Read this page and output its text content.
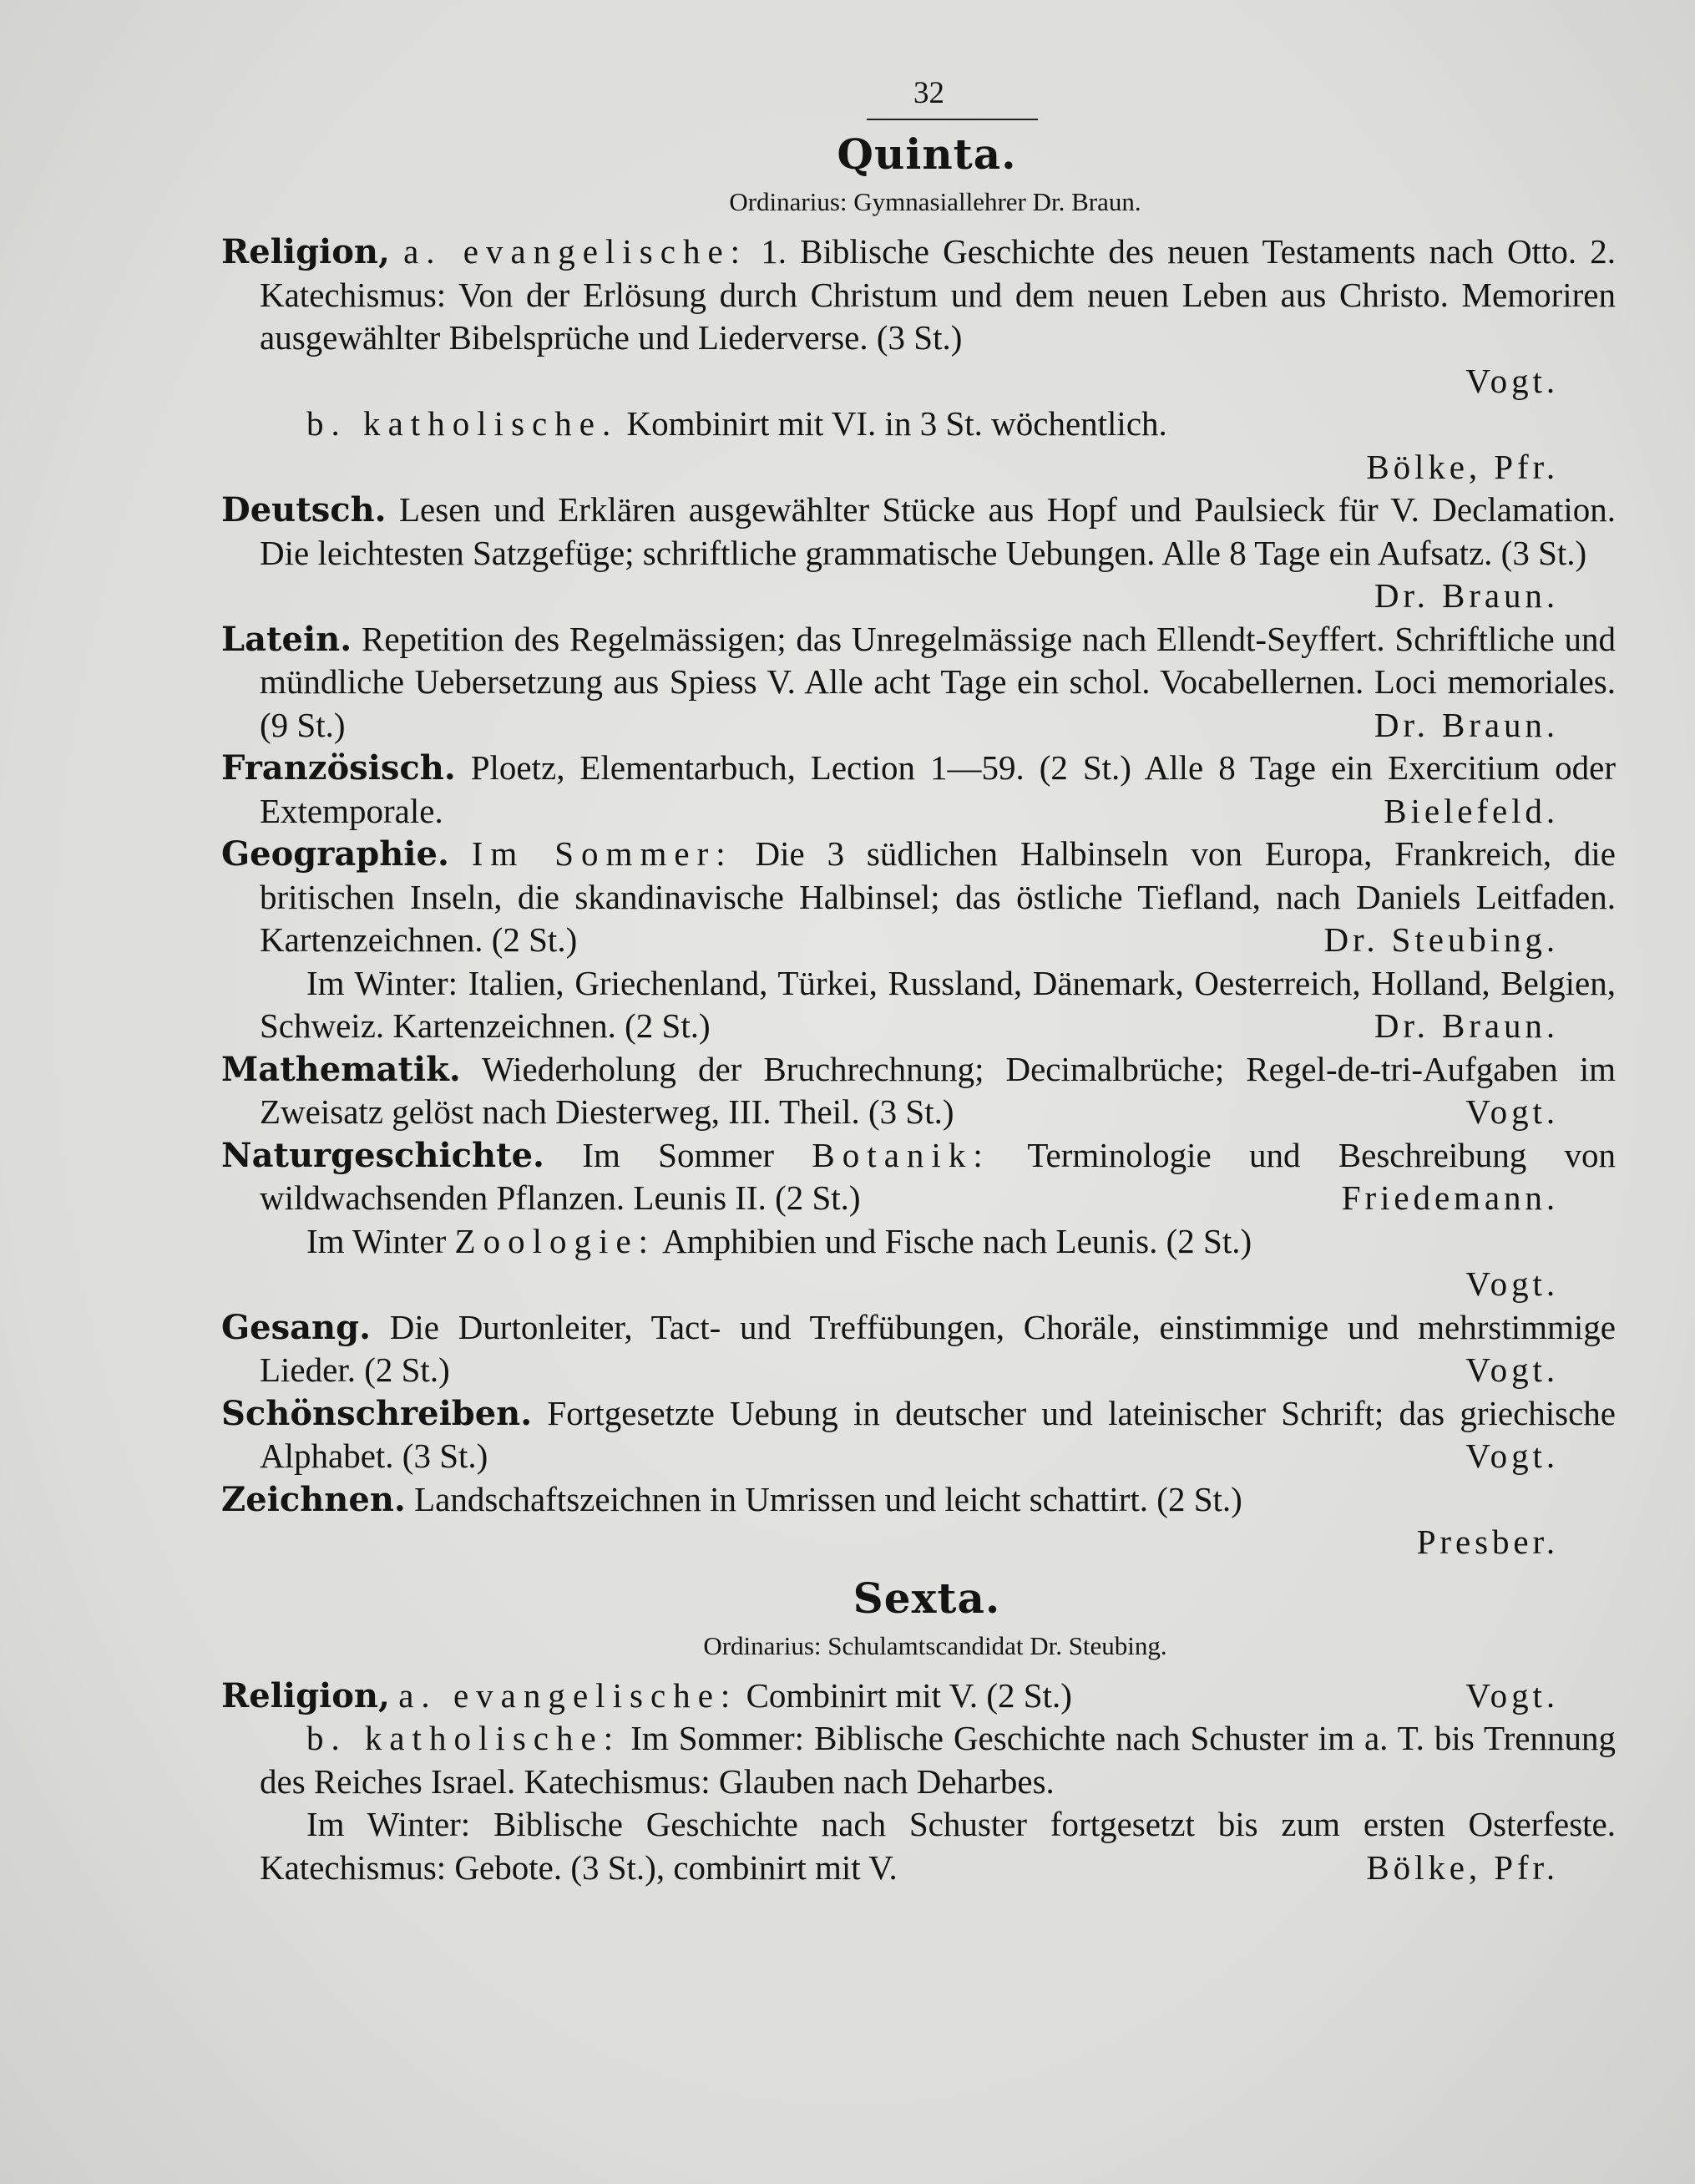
32
Quinta.
Ordinarius: Gymnasiallehrer Dr. Braun.

Religion, a. evangelische: 1. Biblische Geschichte des neuen Testaments nach Otto. 2. Katechismus: Von der Erlösung durch Christum und dem neuen Leben aus Christo. Memoriren ausgewählter Bibelsprüche und Liederverse. (3 St.)

Vogt.

b. katholische. Kombinirt mit VI. in 3 St. wöchentlich.

Bölke, Pfr.

Deutsch. Lesen und Erklären ausgewählter Stücke aus Hopf und Paulsieck für V. Declamation. Die leichtesten Satzgefüge; schriftliche grammatische Uebungen. Alle 8 Tage ein Aufsatz. (3 St.)
Dr. Braun.

Latein. Repetition des Regelmässigen; das Unregelmässige nach Ellendt-Seyffert. Schriftliche und mündliche Uebersetzung aus Spiess V. Alle acht Tage ein schol. Vocabellernen. Loci memoriales. (9 St.)	Dr. Braun.

Französisch. Ploetz, Elementarbuch, Lection 1—59. (2 St.) Alle 8 Tage ein Exercitium oder Extemporale.	Bielefeld.

Geographie. Im Sommer: Die 3 südlichen Halbinseln von Europa, Frankreich, die britischen Inseln, die skandinavische Halbinsel; das östliche Tiefland, nach Daniels Leitfaden. Kartenzeichnen. (2 St.)	Dr. Steubing.

Im Winter: Italien, Griechenland, Türkei, Russland, Dänemark, Oesterreich, Holland, Belgien, Schweiz. Kartenzeichnen. (2 St.)	Dr. Braun.

Mathematik. Wiederholung der Bruchrechnung; Decimalbrüche; Regel-de-tri-Aufgaben im Zweisatz gelöst nach Diesterweg, III. Theil. (3 St.)	Vogt.

Naturgeschichte. Im Sommer Botanik: Terminologie und Beschreibung von wildwachsenden Pflanzen. Leunis II. (2 St.)	Friedemann.

Im Winter Zoologie: Amphibien und Fische nach Leunis. (2 St.)

Vogt.

Gesang. Die Durtonleiter, Tact- und Treffübungen, Choräle, einstimmige und mehrstimmige Lieder. (2 St.)	Vogt.

Schönschreiben. Fortgesetzte Uebung in deutscher und lateinischer Schrift; das griechische Alphabet. (3 St.)	Vogt.

Zeichnen. Landschaftszeichnen in Umrissen und leicht schattirt. (2 St.)

Presber.
Sexta.
Ordinarius: Schulamtscandidat Dr. Steubing.

Religion, a. evangelische: Combinirt mit V. (2 St.)	Vogt.

b. katholische: Im Sommer: Biblische Geschichte nach Schuster im a. T. bis Trennung des Reiches Israel. Katechismus: Glauben nach Deharbes.

Im Winter: Biblische Geschichte nach Schuster fortgesetzt bis zum ersten Osterfeste. Katechismus: Gebote. (3 St.), combinirt mit V.	Bölke, Pfr.
